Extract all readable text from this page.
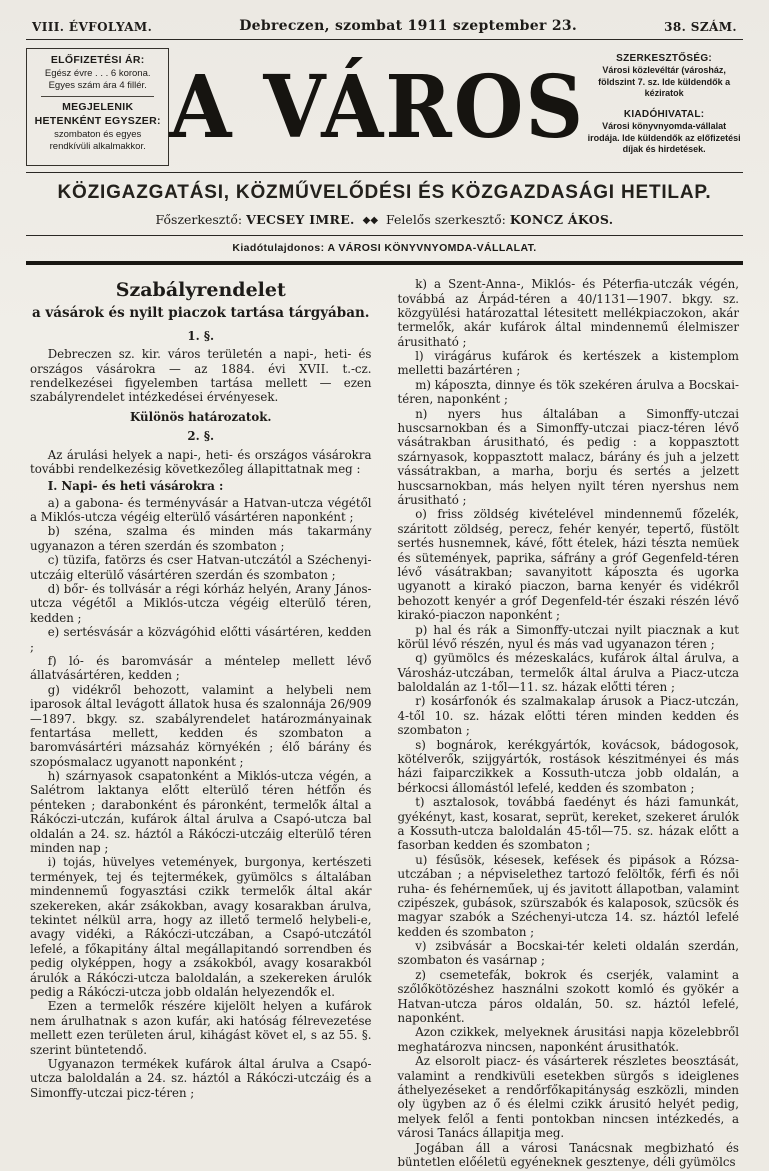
VIII. ÉVFOLYAM.	Debreczen, szombat 1911 szeptember 23.	38. SZÁM.
ELŐFIZETÉSI ÁR:
Egész évre . . . 6 korona.
Egyes szám ára 4 fillér.
MEGJELENIK HETENKÉNT EGYSZER:
szombaton és egyes rendkívüli alkalmakkor. A VÁROS	SZERKESZTŐSÉG:
Városi közlevéltár (városház, földszint 7. sz. Ide küldendők a kéziratok
KIADÓHIVATAL:
Városi könyvnyomda-vállalat irodája. Ide küldendők az előfizetési díjak és hirdetések.
KÖZIGAZGATÁSI, KÖZMŰVELŐDÉSI ÉS KÖZGAZDASÁGI HETILAP.
Főszerkesztő: VECSEY IMRE. ◆◆ Felelős szerkesztő: KONCZ ÁKOS.
Kiadótulajdonos: A VÁROSI KÖNYVNYOMDA-VÁLLALAT.
Szabályrendelet
a vásárok és nyilt piaczok tartása tárgyában.

1. §.

Debreczen sz. kir. város területén a napi-, heti- és országos vásárokra — az 1884. évi XVII. t.-cz. rendelkezései figyelemben tartása mellett — ezen szabályrendelet intézkedései érvényesek.

Különös határozatok.

2. §.

Az árulási helyek a napi-, heti- és országos vásárokra további rendelkezésig következőleg állapittatnak meg :

I. Napi- és heti vásárokra :

a) a gabona- és terményvásár a Hatvan-utcza végétől a Miklós-utcza végéig elterülő vásártéren naponként ;

b) széna, szalma és minden más takarmány ugyanazon a téren szerdán és szombaton ;

c) tüzifa, fatörzs és cser Hatvan-utczától a Széchenyi-utczáig elterülő vásártéren szerdán és szombaton ;

d) bőr- és tollvásár a régi kórház helyén, Arany János-utcza végétől a Miklós-utcza végéig elterülő téren, kedden ;

e) sertésvásár a közvágóhid előtti vásártéren, kedden ;

f) ló- és baromvásár a méntelep mellett lévő állatvásártéren, kedden ;

g) vidékről behozott, valamint a helybeli nem iparosok által levágott állatok husa és szalonnája 26/909—1897. bkgy. sz. szabályrendelet határozmányainak fentartása mellett, kedden és szombaton a baromvásártéri mázsaház környékén ; élő bárány és szopósmalacz ugyanott naponként ;

h) szárnyasok csapatonként a Miklós-utcza végén, a Salétrom laktanya előtt elterülő téren hétfőn és pénteken ; darabonként és páronként, termelők által a Rákóczi-utczán, kufárok által árulva a Csapó-utcza bal oldalán a 24. sz. háztól a Rákóczi-utczáig elterülő téren minden nap ;

i) tojás, hüvelyes vetemények, burgonya, kertészeti termények, tej és tejtermékek, gyümölcs s általában mindennemű fogyasztási czikk termelők által akár szekereken, akár zsákokban, avagy kosarakban árulva, tekintet nélkül arra, hogy az illető termelő helybeli-e, avagy vidéki, a Rákóczi-utczában, a Csapó-utczától lefelé, a főkapitány által megállapitandó sorrendben és pedig olyképpen, hogy a zsákokból, avagy kosarakból árulók a Rákóczi-utcza baloldalán, a szekereken árulók pedig a Rákóczi-utcza jobb oldalán helyezendők el.

Ezen a termelők részére kijelölt helyen a kufárok nem árulhatnak s azon kufár, aki hatóság félrevezetése mellett ezen területen árul, kihágást követ el, s az 55. §. szerint büntetendő.

Ugyanazon termékek kufárok által árulva a Csapó-utcza baloldalán a 24. sz. háztól a Rákóczi-utczáig és a Simonffy-utczai picz-téren ;

k) a Szent-Anna-, Miklós- és Péterfia-utczák végén, továbbá az Árpád-téren a 40/1131—1907. bkgy. sz. közgyülési határozattal létesitett mellékpiaczokon, akár termelők, akár kufárok által mindennemű élelmiszer árusitható ;

l) virágárus kufárok és kertészek a kistemplom melletti bazártéren ;

m) káposzta, dinnye és tök szekéren árulva a Bocskai-téren, naponként ;

n) nyers hus általában a Simonffy-utczai huscsarnokban és a Simonffy-utczai piacz-téren lévő vásátrakban árusitható, és pedig : a koppasztott szárnyasok, koppasztott malacz, bárány és juh a jelzett vássátrakban, a marha, borju és sertés a jelzett huscsarnokban, más helyen nyilt téren nyershus nem árusitható ;

o) friss zöldség kivételével mindennemű főzelék, száritott zöldség, perecz, fehér kenyér, tepertő, füstölt sertés husnemnek, kávé, főtt ételek, házi tészta nemüek és sütemények, paprika, sáfrány a gróf Gegenfeld-téren lévő vásátrakban; savanyitott káposzta és ugorka ugyanott a kirakó piaczon, barna kenyér és vidékről behozott kenyér a gróf Degenfeld-tér északi részén lévő kirakó-piaczon naponként ;

p) hal és rák a Simonffy-utczai nyilt piacznak a kut körül lévő részén, nyul és más vad ugyanazon téren ;

q) gyümölcs és mézeskalács, kufárok által árulva, a Városház-utczában, termelők által árulva a Piacz-utcza baloldalán az 1-től—11. sz. házak előtti téren ;

r) kosárfonók és szalmakalap árusok a Piacz-utczán, 4-től 10. sz. házak előtti téren minden kedden és szombaton ;

s) bognárok, kerékgyártók, kovácsok, bádogosok, kötélverők, szijgyártók, rostások készitményei és más házi faiparczikkek a Kossuth-utcza jobb oldalán, a bérkocsi állomástól lefelé, kedden és szombaton ;

t) asztalosok, továbbá faedényt és házi famunkát, gyékényt, kast, kosarat, seprüt, kereket, szekeret árulók a Kossuth-utcza baloldalán 45-től—75. sz. házak előtt a fasorban kedden és szombaton ;

u) fésűsök, késesek, kefések és pipások a Rózsa-utczában ; a népviselethez tartozó felöltők, férfi és női ruha- és fehérneműek, uj és javitott állapotban, valamint czipészek, gubások, szürszabók és kalaposok, szücsök és magyar szabók a Széchenyi-utcza 14. sz. háztól lefelé kedden és szombaton ;

v) zsibvásár a Bocskai-tér keleti oldalán szerdán, szombaton és vasárnap ;

z) csemetefák, bokrok és cserjék, valamint a szőlőkötözéshez használni szokott komló és gyökér a Hatvan-utcza páros oldalán, 50. sz. háztól lefelé, naponként.

Azon czikkek, melyeknek árusitási napja közelebbről meghatározva nincsen, naponként árusithatók.

Az elsorolt piacz- és vásárterek részletes beosztását, valamint a rendkivüli esetekben sürgős s ideiglenes áthelyezéseket a rendőrfőkapitányság eszközli, minden oly ügyben az ő és élelmi czikk árusitó helyét pedig, melyek felől a fenti pontokban nincsen intézkedés, a városi Tanács állapitja meg.

Jogában áll a városi Tanácsnak megbizható és büntetlen előéletü egyéneknek gesztenye, déli gyümölcs
